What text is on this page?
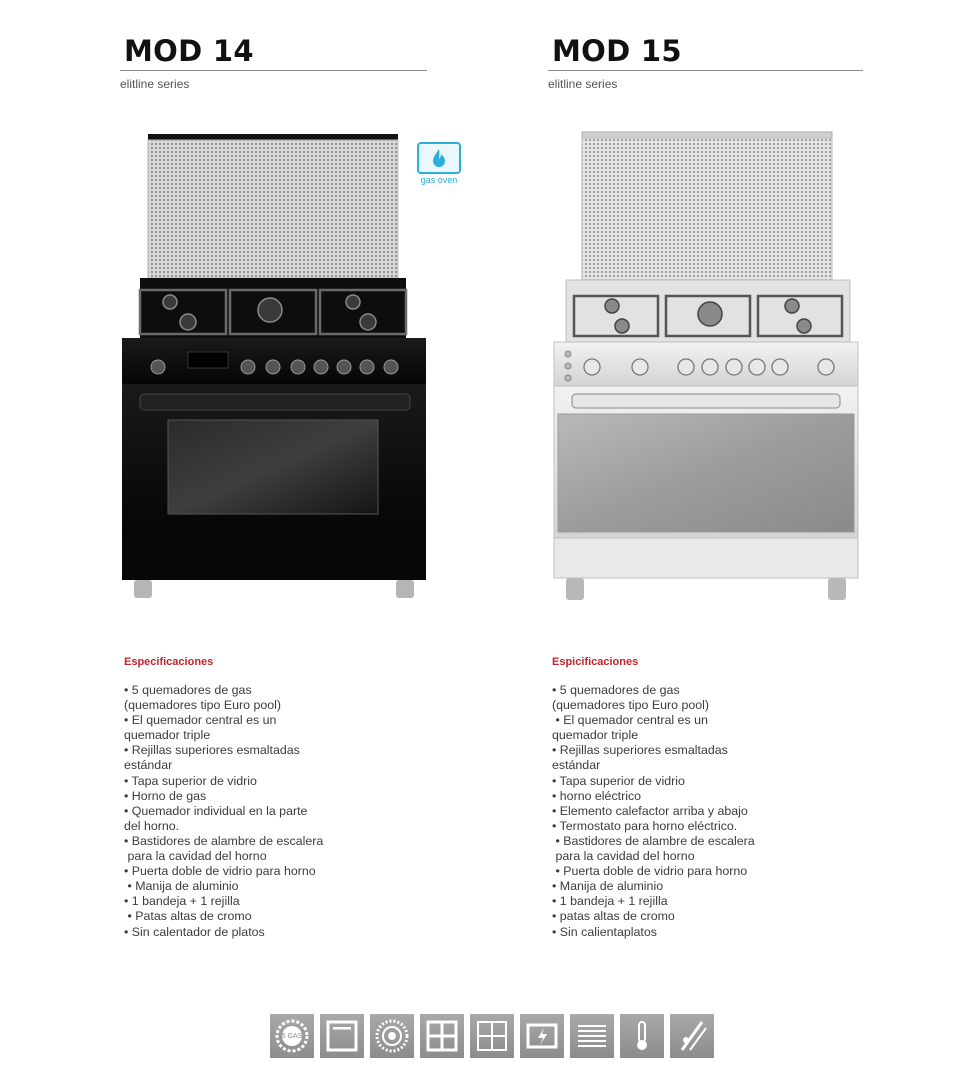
MOD 14
elitline series
Especificaciones
• 5 quemadores de gas
(quemadores tipo Euro pool)
• El quemador central es un
quemador triple
• Rejillas superiores esmaltadas
estándar
• Tapa superior de vidrio
• Horno de gas
• Quemador individual en la parte
del horno.
• Bastidores de alambre de escalera
para la cavidad del horno
• Puerta doble de vidrio para horno
• Manija de aluminio
• 1 bandeja + 1 rejilla
• Patas altas de cromo
• Sin calentador de platos
MOD 15
elitline series
Espicificaciones
• 5 quemadores de gas
(quemadores tipo Euro pool)
• El quemador central es un
quemador triple
• Rejillas superiores esmaltadas
estándar
• Tapa superior de vidrio
• horno eléctrico
• Elemento calefactor arriba y abajo
• Termostato para horno eléctrico.
• Bastidores de alambre de escalera
para la cavidad del horno
• Puerta doble de vidrio para horno
• Manija de aluminio
• 1 bandeja + 1 rejilla
• patas altas de cromo
• Sin calientaplatos
gas oven
5 GAS
